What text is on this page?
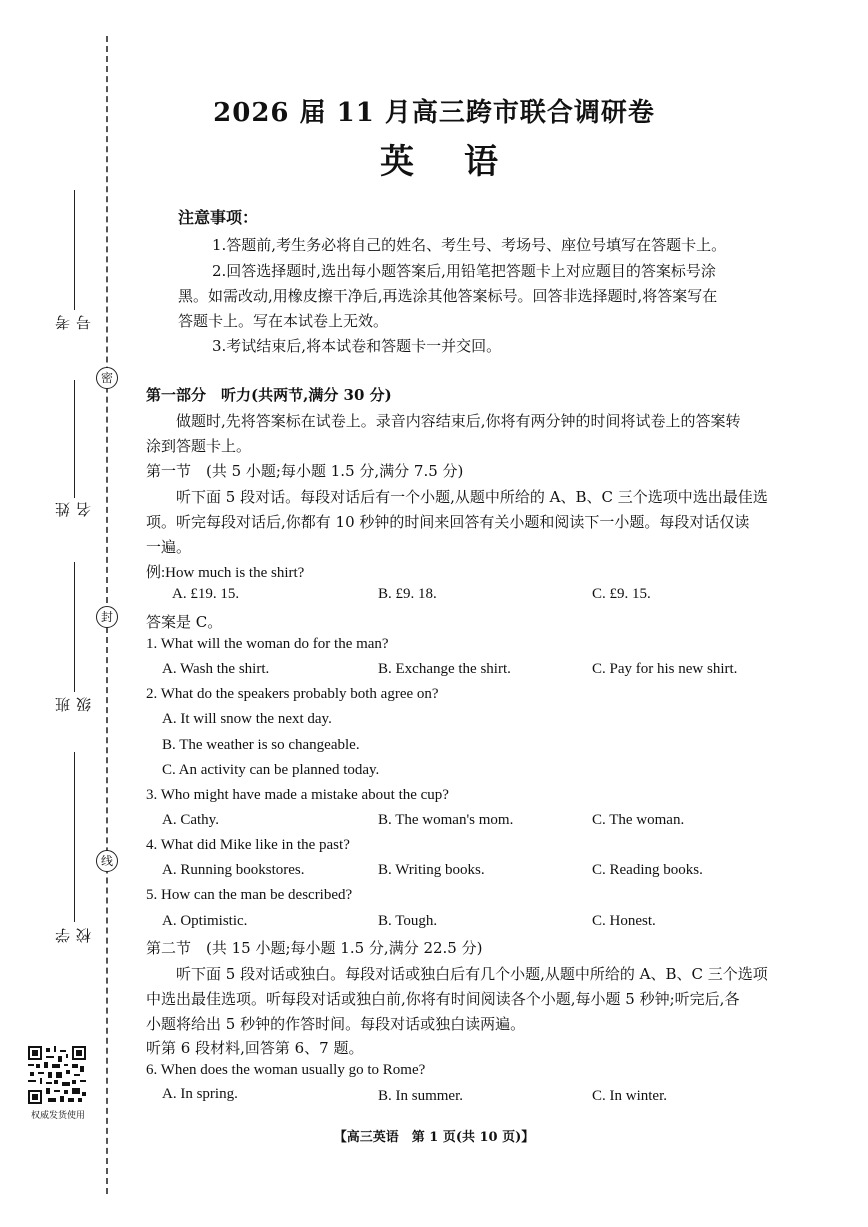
密
封
线
考号
姓名
班级
学校
权威发货使用
2026 届 11 月高三跨市联合调研卷
英语
注意事项：
1.答题前,考生务必将自己的姓名、考生号、考场号、座位号填写在答题卡上。
2.回答选择题时,选出每小题答案后,用铅笔把答题卡上对应题目的答案标号涂
黑。如需改动,用橡皮擦干净后,再选涂其他答案标号。回答非选择题时,将答案写在
答题卡上。写在本试卷上无效。
3.考试结束后,将本试卷和答题卡一并交回。
第一部分　听力(共两节,满分 30 分)
做题时,先将答案标在试卷上。录音内容结束后,你将有两分钟的时间将试卷上的答案转
涂到答题卡上。
第一节　(共 5 小题;每小题 1.5 分,满分 7.5 分)
听下面 5 段对话。每段对话后有一个小题,从题中所给的 A、B、C 三个选项中选出最佳选
项。听完每段对话后,你都有 10 秒钟的时间来回答有关小题和阅读下一小题。每段对话仅读
一遍。
例:How much is the shirt?
A. £19. 15.	B. £9. 18.	C. £9. 15.
答案是 C。
1. What will the woman do for the man?
A. Wash the shirt.	B. Exchange the shirt.	C. Pay for his new shirt.
2. What do the speakers probably both agree on?
A. It will snow the next day.
B. The weather is so changeable.
C. An activity can be planned today.
3. Who might have made a mistake about the cup?
A. Cathy.	B. The woman's mom.	C. The woman.
4. What did Mike like in the past?
A. Running bookstores.	B. Writing books.	C. Reading books.
5. How can the man be described?
A. Optimistic.	B. Tough.	C. Honest.
第二节　(共 15 小题;每小题 1.5 分,满分 22.5 分)
听下面 5 段对话或独白。每段对话或独白后有几个小题,从题中所给的 A、B、C 三个选项
中选出最佳选项。听每段对话或独白前,你将有时间阅读各个小题,每小题 5 秒钟;听完后,各
小题将给出 5 秒钟的作答时间。每段对话或独白读两遍。
听第 6 段材料,回答第 6、7 题。
6. When does the woman usually go to Rome?
A. In spring.	B. In summer.	C. In winter.
【高三英语　第 1 页(共 10 页)】
